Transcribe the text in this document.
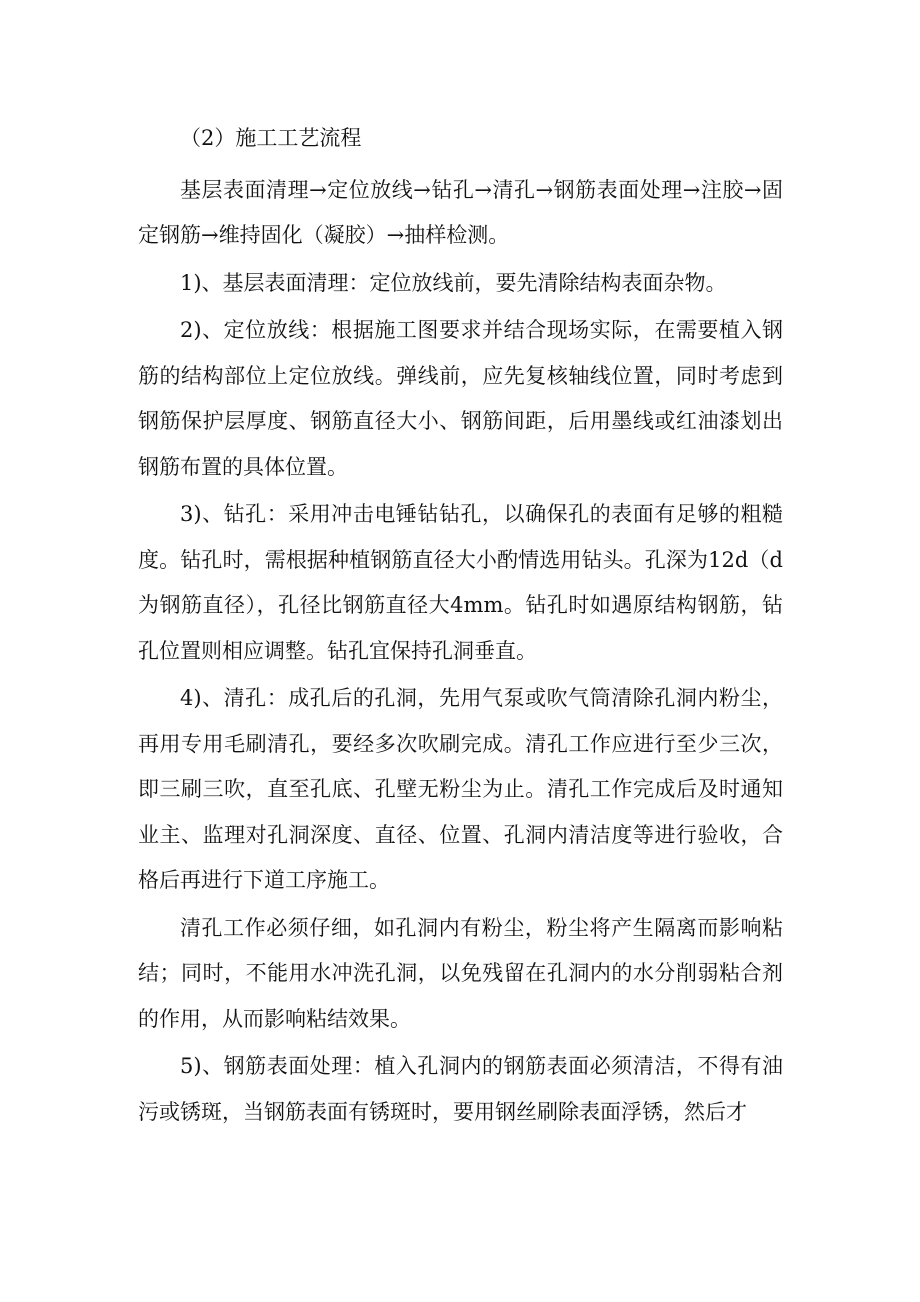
（2）施工工艺流程

基层表面清理→定位放线→钻孔→清孔→钢筋表面处理→注胶→固定钢筋→维持固化（凝胶）→抽样检测。

1)、基层表面清理：定位放线前，要先清除结构表面杂物。

2)、定位放线：根据施工图要求并结合现场实际，在需要植入钢筋的结构部位上定位放线。弹线前，应先复核轴线位置，同时考虑到钢筋保护层厚度、钢筋直径大小、钢筋间距，后用墨线或红油漆划出钢筋布置的具体位置。

3)、钻孔：采用冲击电锤钻钻孔，以确保孔的表面有足够的粗糙度。钻孔时，需根据种植钢筋直径大小酌情选用钻头。孔深为12d（d为钢筋直径），孔径比钢筋直径大4mm。钻孔时如遇原结构钢筋，钻孔位置则相应调整。钻孔宜保持孔洞垂直。

4)、清孔：成孔后的孔洞，先用气泵或吹气筒清除孔洞内粉尘，再用专用毛刷清孔，要经多次吹刷完成。清孔工作应进行至少三次，即三刷三吹，直至孔底、孔壁无粉尘为止。清孔工作完成后及时通知业主、监理对孔洞深度、直径、位置、孔洞内清洁度等进行验收，合格后再进行下道工序施工。

清孔工作必须仔细，如孔洞内有粉尘，粉尘将产生隔离而影响粘结；同时，不能用水冲洗孔洞，以免残留在孔洞内的水分削弱粘合剂的作用，从而影响粘结效果。

5)、钢筋表面处理：植入孔洞内的钢筋表面必须清洁，不得有油污或锈斑，当钢筋表面有锈斑时，要用钢丝刷除表面浮锈，然后才
